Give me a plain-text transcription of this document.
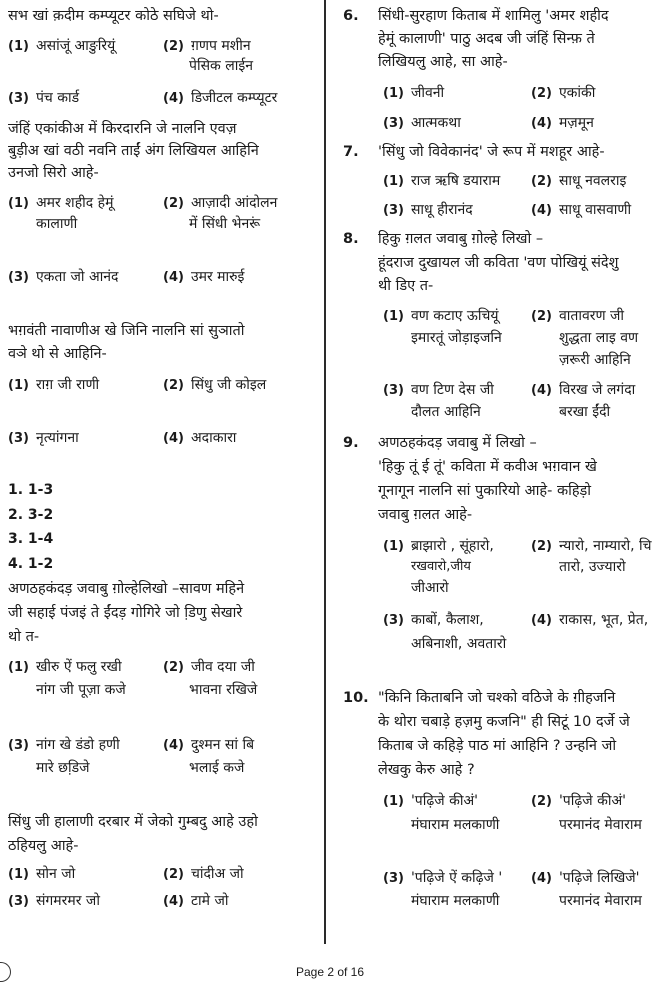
सभ खां क़दीम कम्प्यूटर कोठे सघिजे थो-
(1) असांजूं आङुरियूं	(2) ग़णप मशीन
पेसिक लाईन
(3) पंच कार्ड	(4) डिजीटल कम्प्यूटर
जंहिं एकांकीअ में किरदारनि जे नालनि एवज़
बुड़ीअ खां वठी नवनि ताईं अंग लिखियल आहिनि
उनजो सिरो आहे-
(1) अमर शहीद हेमूं
कालाणी
(2) आज़ादी आंदोलन
में सिंधी भेनरूं
(3) एकता जो आनंद	(4) उमर मारुई
भग़वंती नावाणीअ खे जिनि नालनि सां सुञातो
वञे थो से आहिनि-
(1) राग़ जी राणी	(2) सिंधु जी कोइल
(3) नृत्यांगना	(4) अदाकारा
1. 1-3
2. 3-2
3. 1-4
4. 1-2
अणठहकंदड़ जवाबु ग़ोल्हेलिखो –सावण महिने
जी सहाई पंजइं ते ईंदड़ गोगिरे जो डि़णु सेखारे
थो त-
(1) खीरु ऐं फलु रखी
नांग जी पूज़ा कजे
(2) जीव दया जी
भावना रखिजे
(3) नांग खे डंडो हणी
मारे छडि़जे
(4) दुश्मन सां बि
भलाई कजे
सिंधु जी हालाणी दरबार में जेको गुम्बदु आहे उहो
ठहियलु आहे-
(1) सोन जो	(2) चांदीअ जो
(3) संगमरमर जो	(4) टामे जो
6. सिंधी-सुरहाण किताब में शामिलु 'अमर शहीद
हेमूं कालाणी' पाठु अदब जी जंहिं सिन्फ़ ते
लिखियलु आहे, सा आहे-
(1) जीवनी	(2) एकांकी
(3) आत्मकथा	(4) मज़मून
7. 'सिंधु जो विवेकानंद' जे रूप में मशहूर आहे-
(1) राज ऋषि डयाराम (2) साधू नवलराइ
(3) साधू हीरानंद	(4) साधू वासवाणी
8. हिकु ग़लत जवाबु ग़ोल्हे लिखो –
हूंदराज दुखायल जी कविता 'वण पोखियूं संदेशु
थी डिए त-
(1) वण कटाए ऊचियूं
इमारतूं जोड़ाइजनि
(2) वातावरण जी
शुद्धता लाइ वण
ज़रूरी आहिनि
(3) वण टिण देस जी
दौलत आहिनि
(4) विरख जे लगंदा
बरखा ईंदी
9. अणठहकंदड़ जवाबु में लिखो –
'हिकु तूं ई तूं' कविता में कवीअ भग़वान खे
गूनागून नालनि सां पुकारियो आहे- कहिड़ो
जवाबु ग़लत आहे-
(1) ब्राझारो , सूंहारो,
रखवारो,जीय
जीआरो
(2) न्यारो, नाम्यारो, चि
तारो, उज्यारो
(3) काबों, कैलाश,
अबिनाशी, अवतारो
(4) राकास, भूत, प्रेत,
10. "किनि किताबनि जो चश्को वठिजे के ग़ीहजनि
के थोरा चबाड़े हज़मु कजनि" ही सिटूं 10 दर्जे जे
किताब जे कहिड़े पाठ मां आहिनि ? उन्हनि जो
लेखकु केरु आहे ?
(1) 'पढ़िजे कीअं'
मंघाराम मलकाणी
(2) 'पढ़िजे कीअं'
परमानंद मेवाराम
(3) 'पढ़िजे ऐं कढ़िजे '
मंघाराम मलकाणी
(4) 'पढ़िजे लिखिजे'
परमानंद मेवाराम
Page 2 of 16
